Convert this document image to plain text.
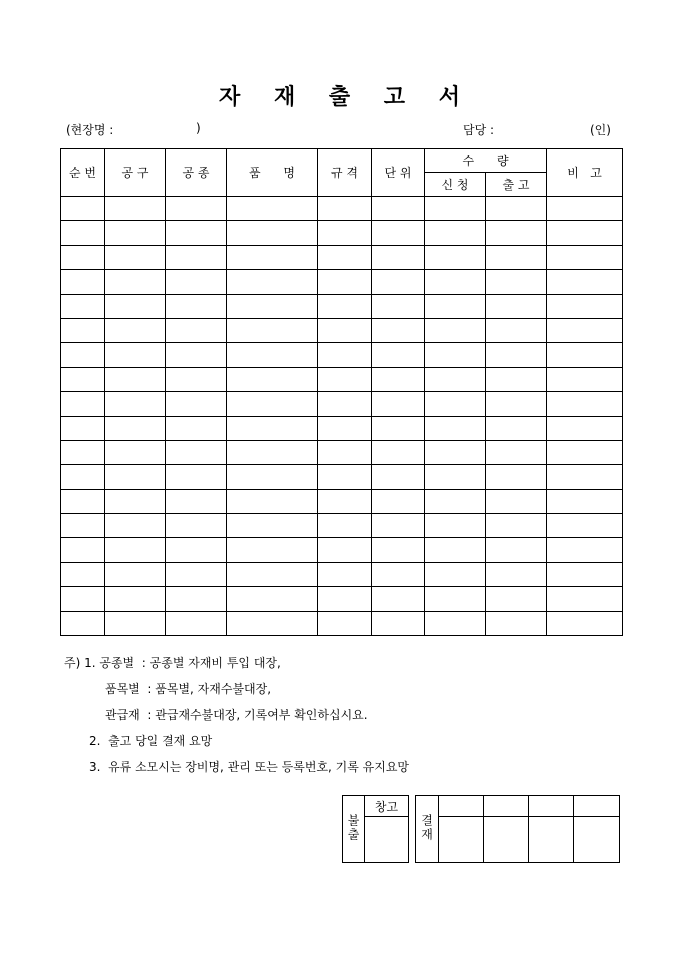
자 재 출 고 서
(현장명 :	)	담당 :	(인)
순 번	공 구	공 종	품      명	규 격	단 위	수      량		비   고
						신 청	출 고	

주) 1. 공종별  : 공종별 자재비 투입 대장,
품목별  : 품목별, 자재수불대장,
관급재  : 관급재수불대장, 기록여부 확인하십시요.
2.  출고 당일 결재 요망
3.  유류 소모시는 장비명, 관리 또는 등록번호, 기록 유지요망
불출	창고		결재				
